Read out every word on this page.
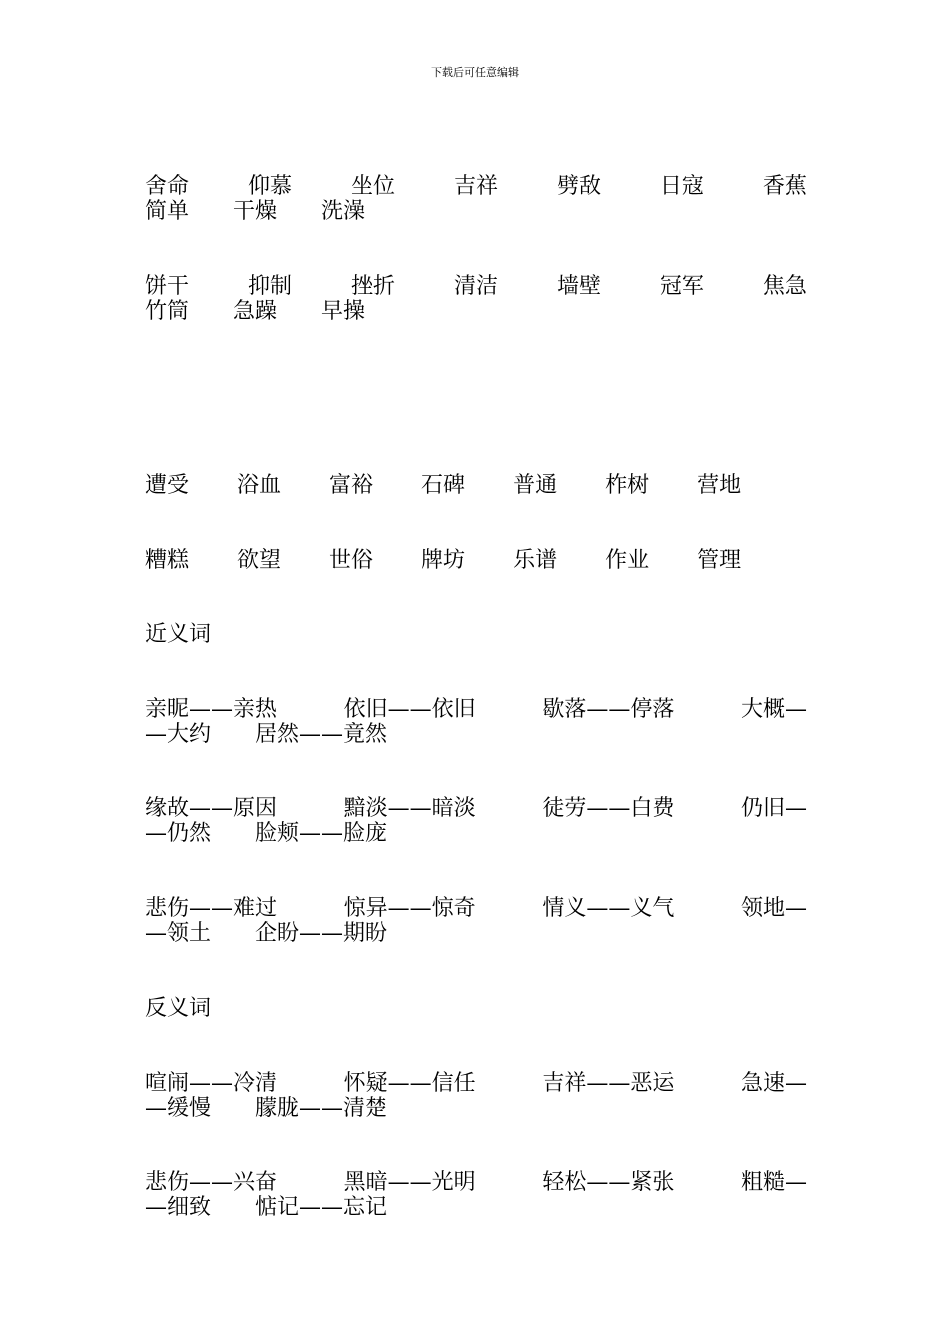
下载后可任意编辑
舍命	仰慕	坐位	吉祥	劈敌	日寇	香蕉
简单 干燥 洗澡
饼干	抑制	挫折	清洁	墙壁	冠军	焦急
竹筒 急躁 早操
遭受 浴血 富裕 石碑 普通 柞树 营地
糟糕 欲望 世俗 牌坊 乐谱 作业 管理
近义词
亲昵——亲热	依旧——依旧	歇落——停落	大概—
—大约 居然——竟然
缘故——原因	黯淡——暗淡	徒劳——白费	仍旧—
—仍然 脸颊——脸庞
悲伤——难过	惊异——惊奇	情义——义气	领地—
—领土 企盼——期盼
反义词
喧闹——冷清	怀疑——信任	吉祥——恶运	急速—
—缓慢 朦胧——清楚
悲伤——兴奋	黑暗——光明	轻松——紧张	粗糙—
—细致 惦记——忘记
